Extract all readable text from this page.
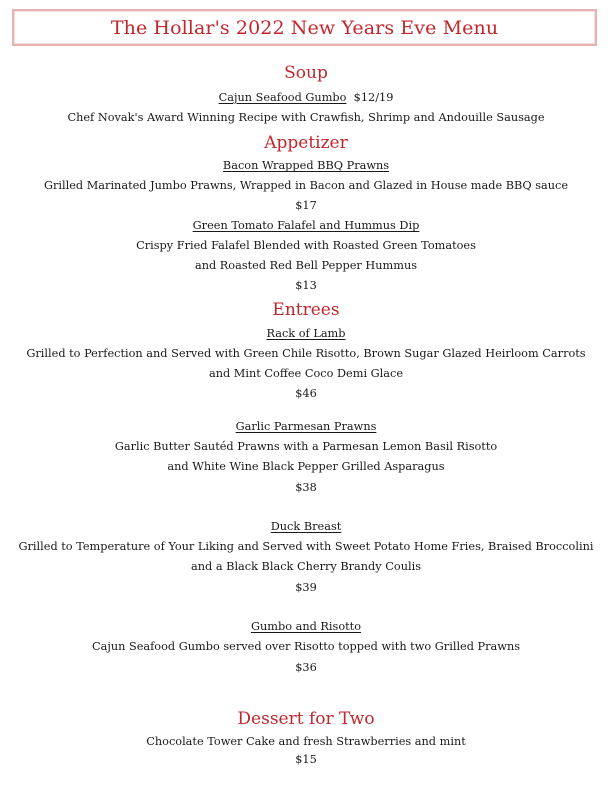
The Hollar's 2022 New Years Eve Menu
Soup
Cajun Seafood Gumbo $12/19
Chef Novak's Award Winning Recipe with Crawfish, Shrimp and Andouille Sausage
Appetizer
Bacon Wrapped BBQ Prawns
Grilled Marinated Jumbo Prawns, Wrapped in Bacon and Glazed in House made BBQ sauce
$17
Green Tomato Falafel and Hummus Dip
Crispy Fried Falafel Blended with Roasted Green Tomatoes
and Roasted Red Bell Pepper Hummus
$13
Entrees
Rack of Lamb
Grilled to Perfection and Served with Green Chile Risotto, Brown Sugar Glazed Heirloom Carrots
and Mint Coffee Coco Demi Glace
$46
Garlic Parmesan Prawns
Garlic Butter Sautéd Prawns with a Parmesan Lemon Basil Risotto
and White Wine Black Pepper Grilled Asparagus
$38
Duck Breast
Grilled to Temperature of Your Liking and Served with Sweet Potato Home Fries, Braised Broccolini
and a Black Black Cherry Brandy Coulis
$39
Gumbo and Risotto
Cajun Seafood Gumbo served over Risotto topped with two Grilled Prawns
$36
Dessert for Two
Chocolate Tower Cake and fresh Strawberries and mint
$15
